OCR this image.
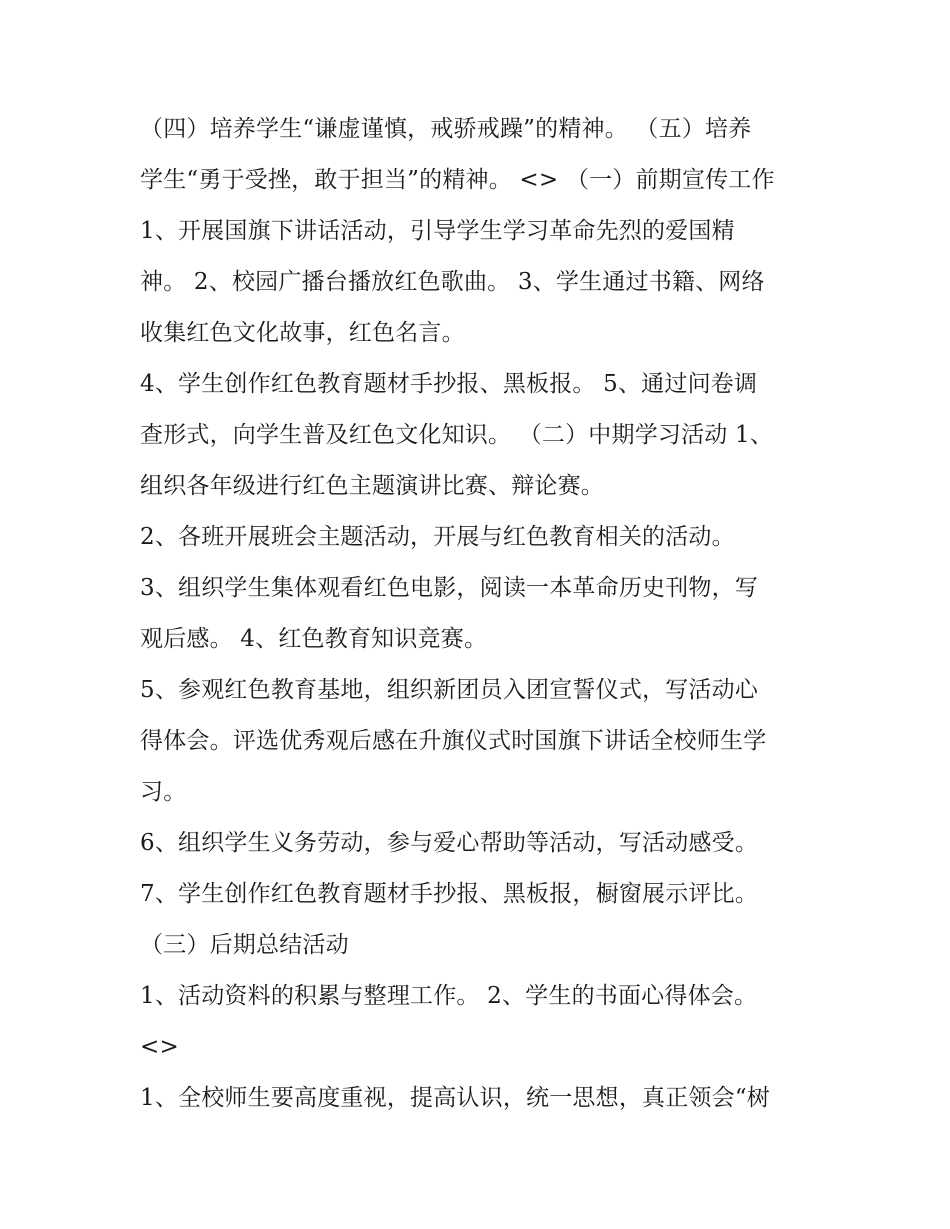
（四）培养学生“谦虚谨慎，戒骄戒躁”的精神。 （五）培养
学生“勇于受挫，敢于担当”的精神。 <> （一）前期宣传工作
1、开展国旗下讲话活动，引导学生学习革命先烈的爱国精
神。 2、校园广播台播放红色歌曲。 3、学生通过书籍、网络
收集红色文化故事，红色名言。
4、学生创作红色教育题材手抄报、黑板报。 5、通过问卷调
查形式，向学生普及红色文化知识。 （二）中期学习活动 1、
组织各年级进行红色主题演讲比赛、辩论赛。
2、各班开展班会主题活动，开展与红色教育相关的活动。
3、组织学生集体观看红色电影，阅读一本革命历史刊物，写
观后感。 4、红色教育知识竞赛。
5、参观红色教育基地，组织新团员入团宣誓仪式，写活动心
得体会。评选优秀观后感在升旗仪式时国旗下讲话全校师生学
习。
6、组织学生义务劳动，参与爱心帮助等活动，写活动感受。
7、学生创作红色教育题材手抄报、黑板报，橱窗展示评比。
（三）后期总结活动
1、活动资料的积累与整理工作。 2、学生的书面心得体会。
<>
1、全校师生要高度重视，提高认识，统一思想，真正领会“树
